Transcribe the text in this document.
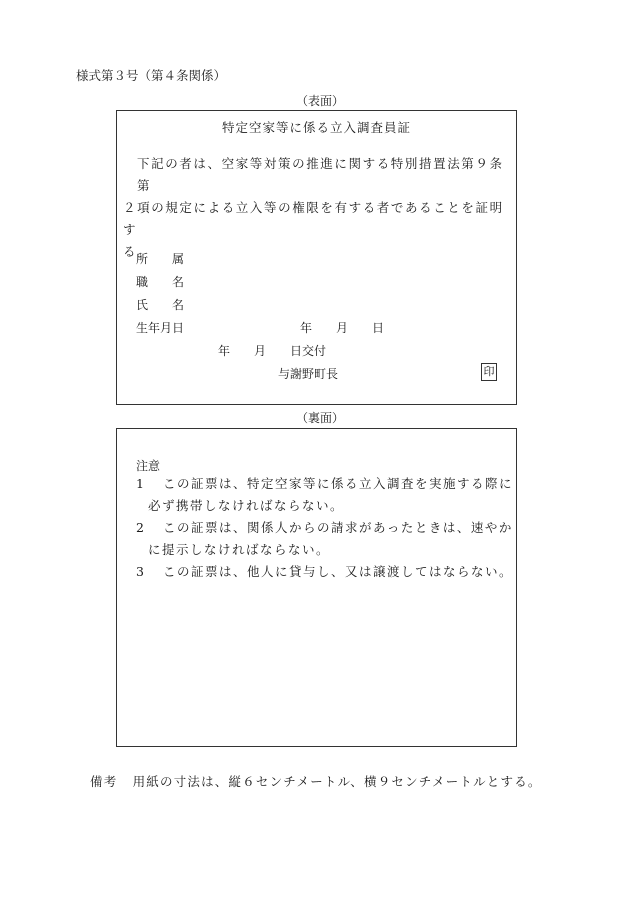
様式第３号（第４条関係）
（表面）
特定空家等に係る立入調査員証
下記の者は、空家等対策の推進に関する特別措置法第９条第
２項の規定による立入等の権限を有する者であることを証明す
る。
所　　属
職　　名
氏　　名
生年月日	年　　月　　日
年　　月　　日交付
与謝野町長	印
（裏面）
注意
1 この証票は、特定空家等に係る立入調査を実施する際に
必ず携帯しなければならない。
2 この証票は、関係人からの請求があったときは、速やか
に提示しなければならない。
3 この証票は、他人に貸与し、又は譲渡してはならない。
備考 用紙の寸法は、縦６センチメートル、横９センチメートルとする。
